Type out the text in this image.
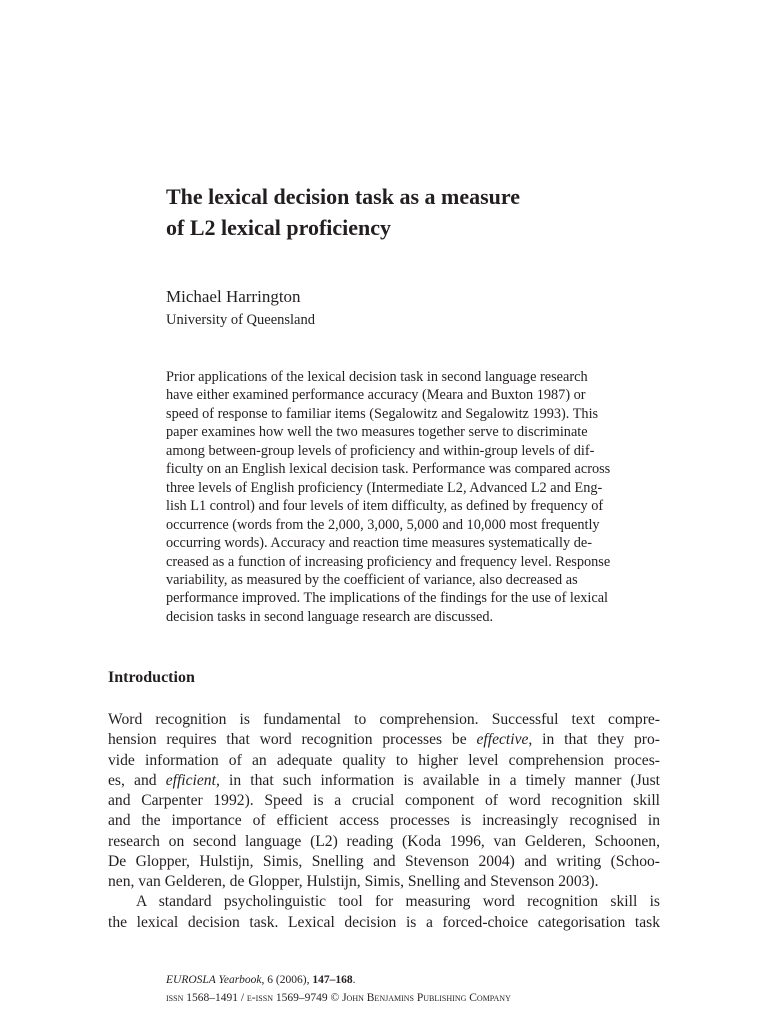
The lexical decision task as a measure
of L2 lexical proficiency
Michael Harrington
University of Queensland
Prior applications of the lexical decision task in second language research
have either examined performance accuracy (Meara and Buxton 1987) or
speed of response to familiar items (Segalowitz and Segalowitz 1993). This
paper examines how well the two measures together serve to discriminate
among between-group levels of proficiency and within-group levels of dif-
ficulty on an English lexical decision task. Performance was compared across
three levels of English proficiency (Intermediate L2, Advanced L2 and Eng-
lish L1 control) and four levels of item difficulty, as defined by frequency of
occurrence (words from the 2,000, 3,000, 5,000 and 10,000 most frequently
occurring words). Accuracy and reaction time measures systematically de-
creased as a function of increasing proficiency and frequency level. Response
variability, as measured by the coefficient of variance, also decreased as
performance improved. The implications of the findings for the use of lexical
decision tasks in second language research are discussed.
Introduction
Word recognition is fundamental to comprehension. Successful text compre-
hension requires that word recognition processes be effective, in that they pro-
vide information of an adequate quality to higher level comprehension proces-
es, and efficient, in that such information is available in a timely manner (Just
and Carpenter 1992). Speed is a crucial component of word recognition skill
and the importance of efficient access processes is increasingly recognised in
research on second language (L2) reading (Koda 1996, van Gelderen, Schoonen,
De Glopper, Hulstijn, Simis, Snelling and Stevenson 2004) and writing (Schoo-
nen, van Gelderen, de Glopper, Hulstijn, Simis, Snelling and Stevenson 2003).
A standard psycholinguistic tool for measuring word recognition skill is
the lexical decision task. Lexical decision is a forced-choice categorisation task
EUROSLA Yearbook, 6 (2006), 147–168.
issn 1568–1491 / e-issn 1569–9749 © John Benjamins Publishing Company
